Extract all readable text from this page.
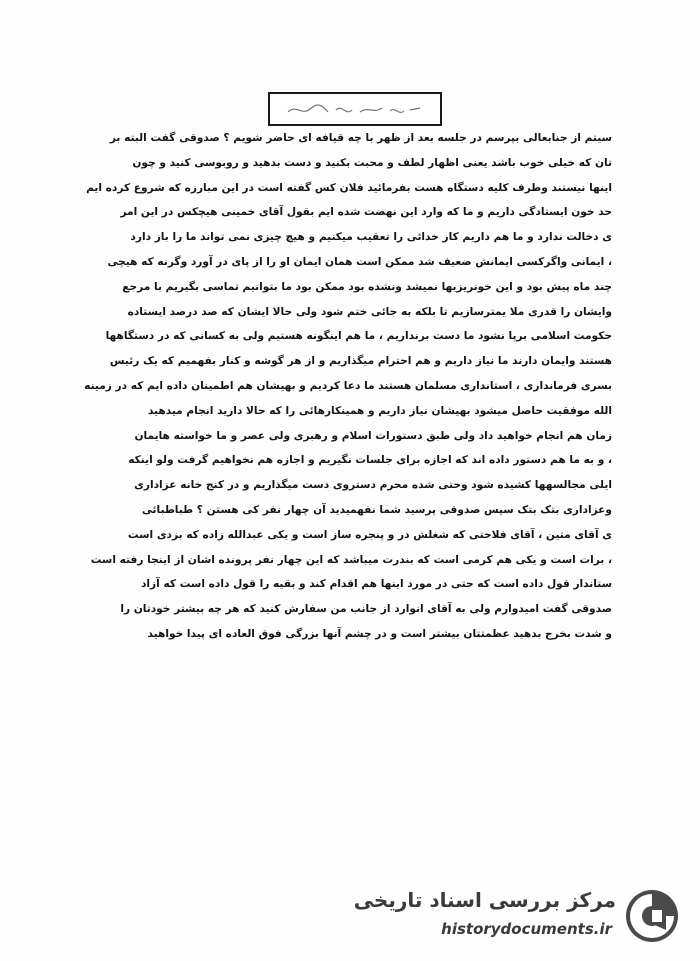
سیتم از جنابعالی بپرسم در جلسه بعد از ظهر با چه قیافه ای حاضر شویم ؟ صدوقی گفت البته بر
تان که خیلی خوب باشد یعنی اظهار لطف و محبت بکنید و دست بدهید و روبوسی کنید و چون
اینها نیستند وطرف کلیه دستگاه هست بفرمائید فلان کس گفته است در این مبارزه که شروع کرده ایم
حد خون ایستادگی داریم و ما که وارد این نهضت شده ایم بقول آقای خمینی هیچکس در این امر
ی دخالت ندارد و ما هم داریم کار خدائی را تعقیب میکنیم و هیچ چیزی نمی تواند ما را باز دارد
، ایمانی واگرکسی ایمانش ضعیف شد ممکن است همان ایمان او را از پای در آورد وگرنه که هیچی
چند ماه پیش بود و این خونریزیها نمیشد ونشده بود ممکن بود ما بتوانیم تماسی بگیریم با مرجع
وایشان را قدری ملا یمترسازیم تا بلکه به جائی ختم شود ولی حالا ایشان که صد درصد ایستاده
حکومت اسلامی برپا نشود ما دست برنداریم ، ما هم اینگونه هستیم ولی به کسانی که در دستگاهها
هستند وایمان دارند ما نیاز داریم و هم احترام میگذاریم و از هر گوشه و کنار بفهمیم که یک رئیس
بسری فرمانداری ، استانداری مسلمان هستند ما دعا کردیم و بهیشان هم اطمینان داده ایم که در زمینه
الله موفقیت حاصل میشود بهیشان نیاز داریم و همینکارهائی را که حالا دارید انجام میدهید
زمان هم انجام خواهید داد ولی طبق دستورات اسلام و رهبری ولی عصر و ما خواسته هایمان
، و به ما هم دستور داده اند که اجازه برای جلسات نگیریم و اجازه هم نخواهیم گرفت ولو اینکه
ایلی مجالسهها کشیده شود وحتی شده محرم دستروی دست میگذاریم و در کنج خانه عزاداری
وعزاداری بتک بتک سپس صدوقی پرسید شما نفهمیدید آن چهار نفر کی هستن ؟ طباطبائی
ی آقای متین ، آقای فلاحتی که شغلش در و پنجره ساز است و یکی عبدالله زاده که بزدی است
، برات است و یکی هم کرمی است که بندرت میباشد که این چهار نفر پرونده اشان از اینجا رفته است
ستاندار قول داده است که حتی در مورد اینها هم اقدام کند و بقیه را قول داده است که آزاد
صدوقی گفت امیدوارم ولی به آقای انوارد از جانب من سفارش کنید که هر چه بیشتر خودتان را
و شدت بخرج بدهید عظمتتان بیشتر است و در چشم آنها بزرگی فوق العاده ای پیدا خواهید
مرکز بررسی اسناد تاریخی
historydocuments.ir
